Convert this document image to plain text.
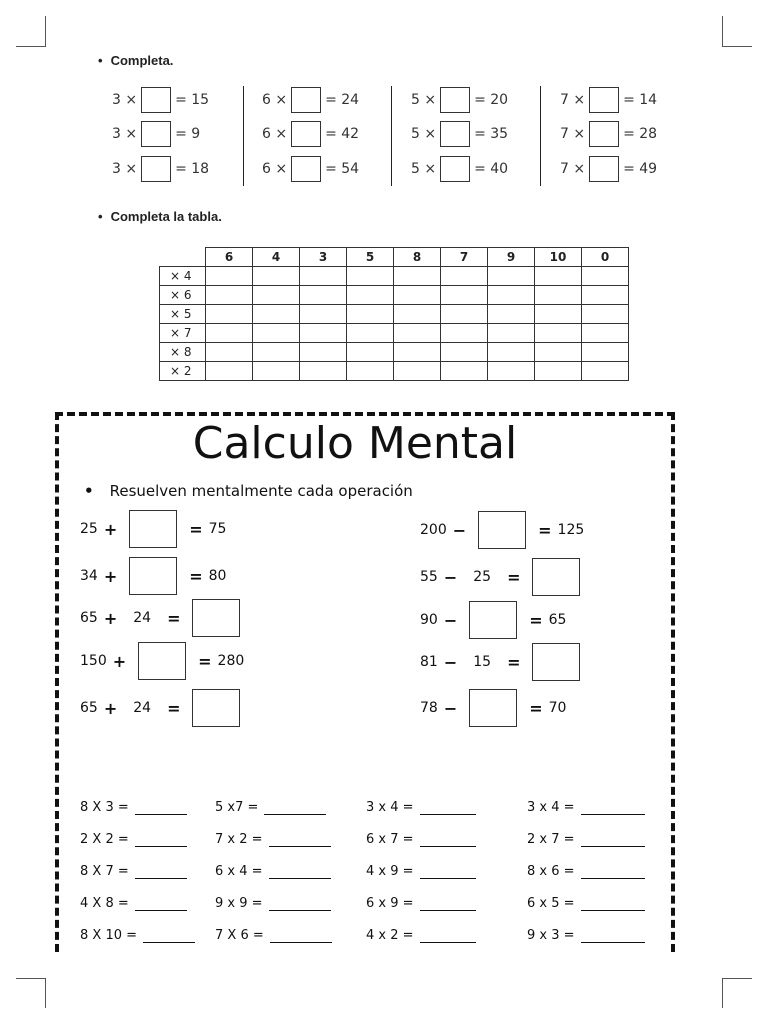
• Completa.
3 ×	= 15
3 ×	= 9
3 ×	= 18
6 ×	= 24
6 ×	= 42
6 ×	= 54
5 ×	= 20
5 ×	= 35
5 ×	= 40
7 ×	= 14
7 ×	= 28
7 ×	= 49
• Completa la tabla.
	6	4	3	5	8	7	9	10	0
× 4									
× 6									
× 5									
× 7									
× 8									
× 2									
Calculo Mental
• Resuelven mentalmente cada operación
25 +	= 75
34 +	= 80
65 + 24 =
150 +	= 280
65 + 24 =
200 −	= 125
55 − 25 =
90 −	= 65
81 − 15 =
78 −	= 70
8 X 3 =	5 x7 =	3 x 4 =	3 x 4 =
2 X 2 =	7 x 2 =	6 x 7 =	2 x 7 =
8 X 7 =	6 x 4 =	4 x 9 =	8 x 6 =
4 X 8 =	9 x 9 =	6 x 9 =	6 x 5 =
8 X 10 =	7 X 6 =	4 x 2 =	9 x 3 =
